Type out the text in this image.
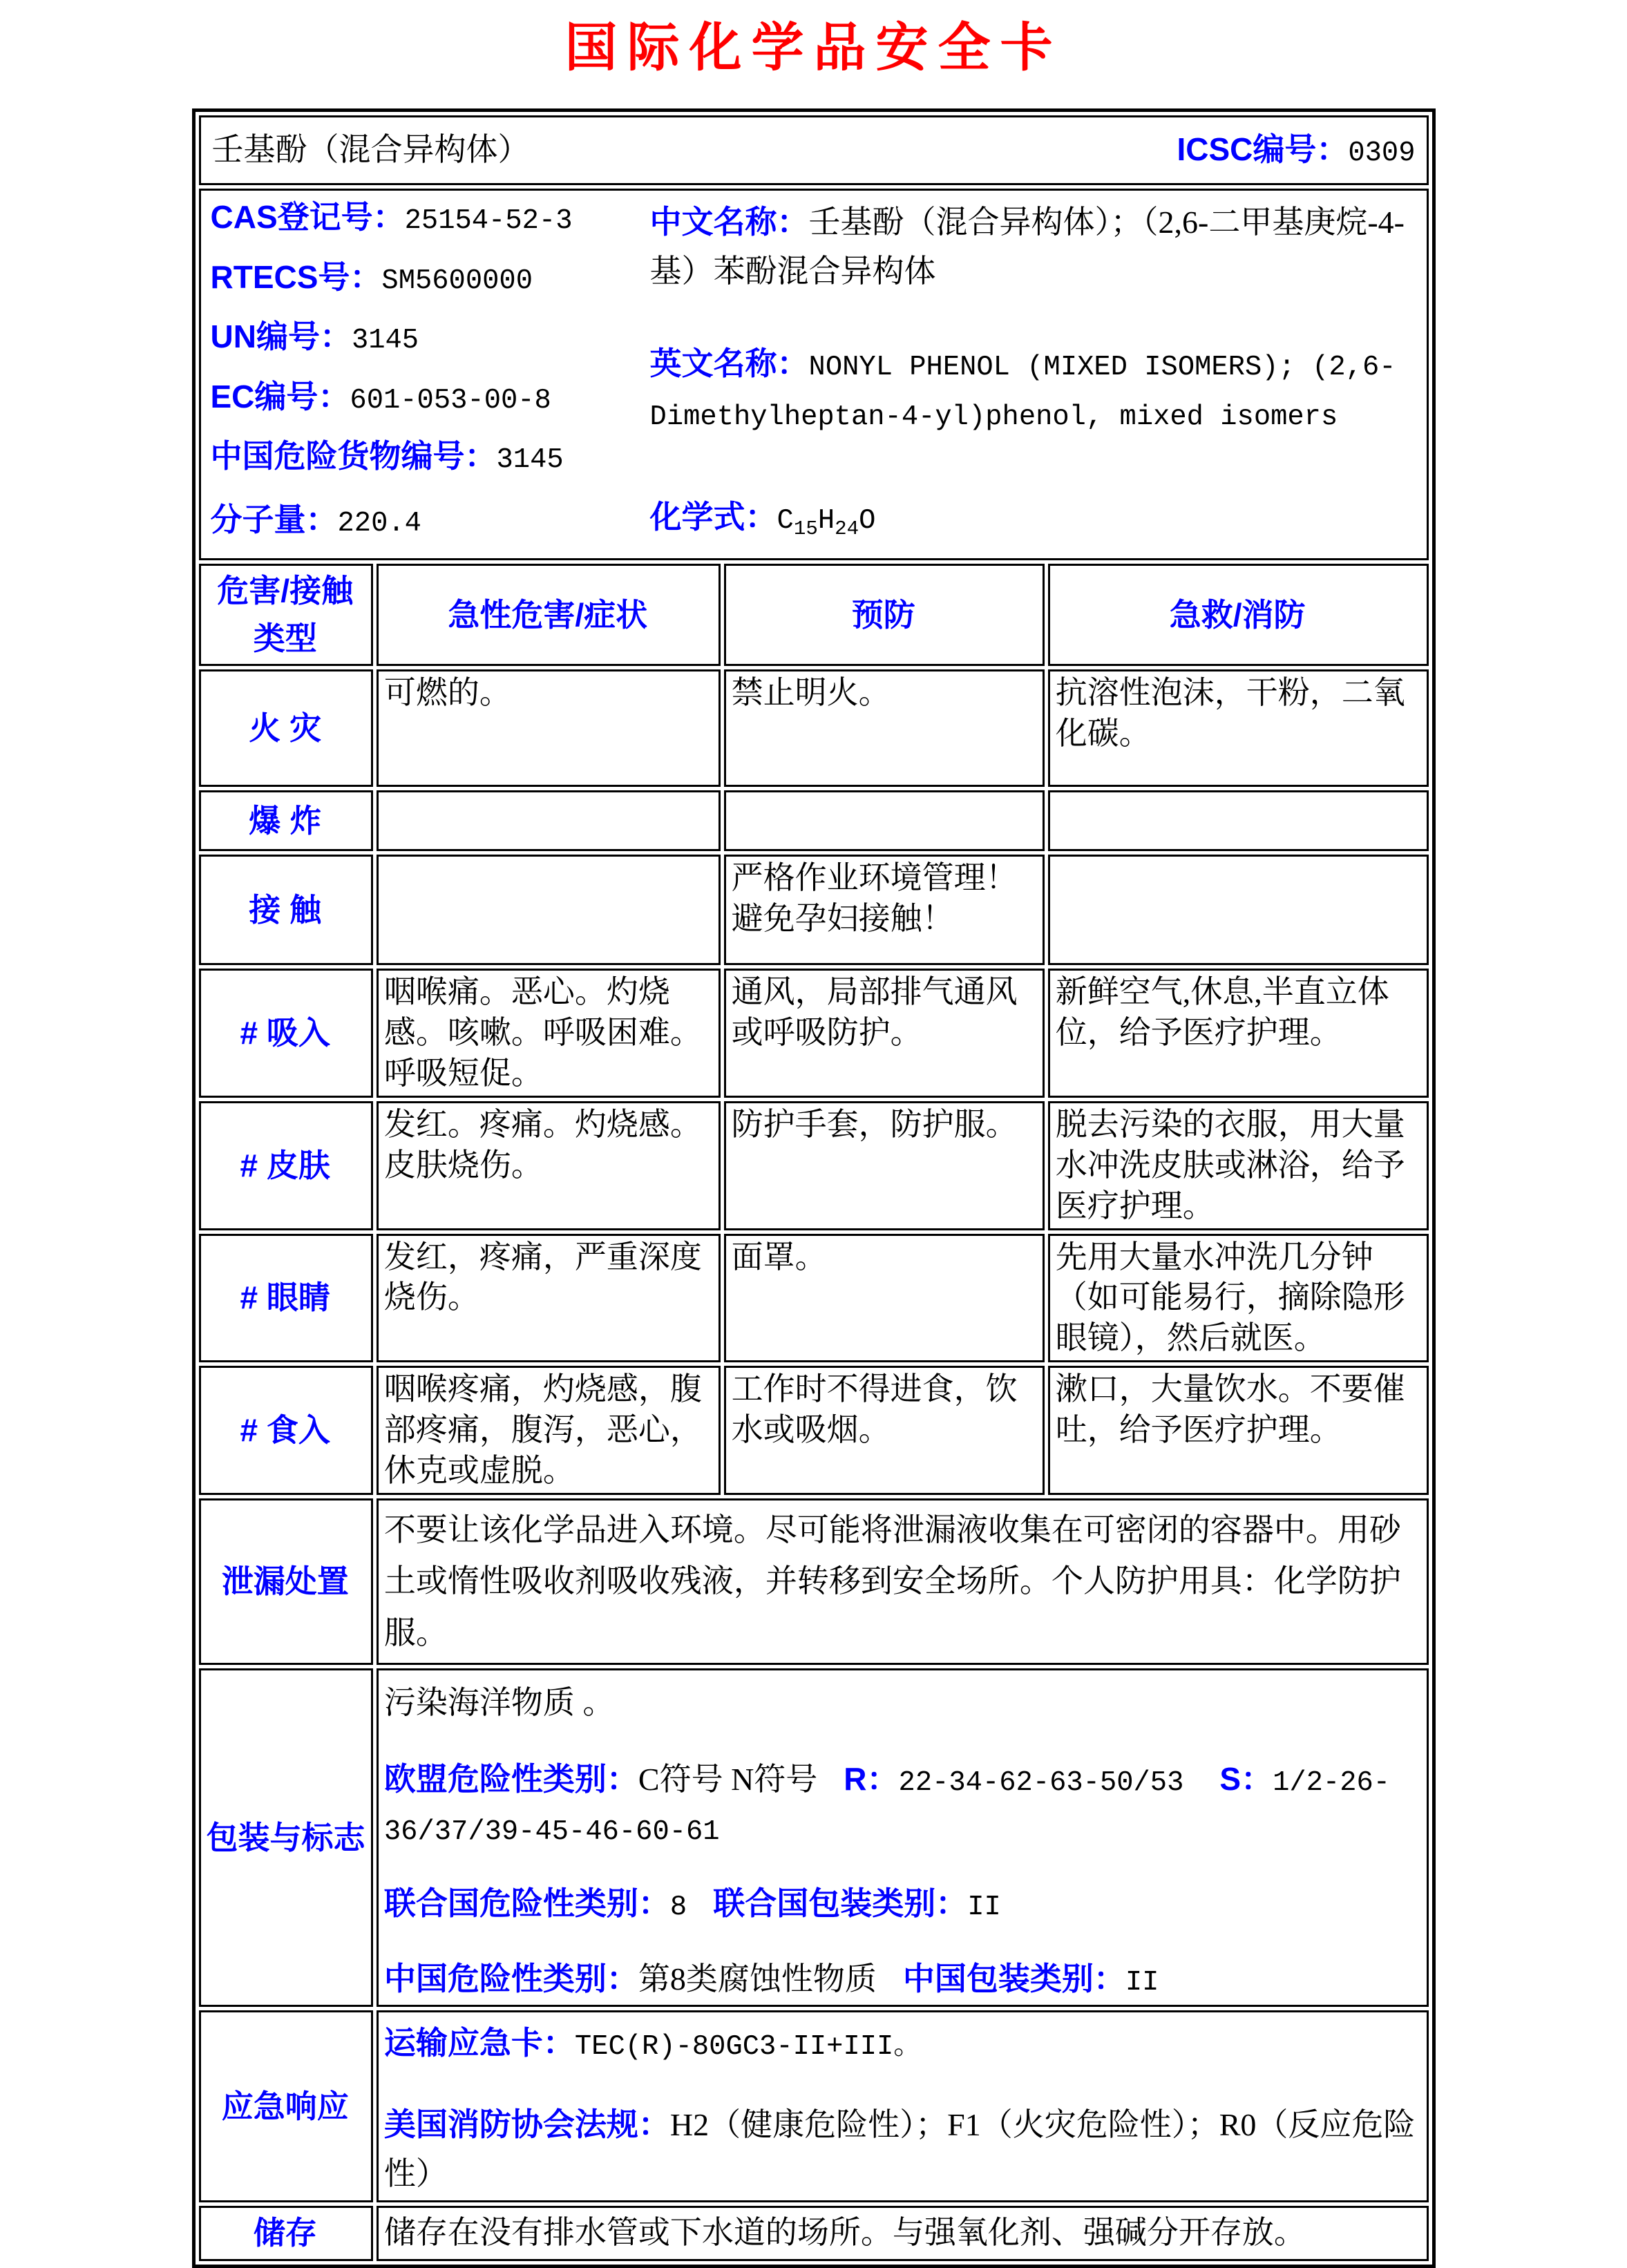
国际化学品安全卡
壬基酚（混合异构体） ICSC编号：0309			

CAS登记号：25154-52-3
RTECS号：SM5600000
UN编号：3145
EC编号：601-053-00-8
中国危险货物编号：3145

中文名称：壬基酚（混合异构体）；（2,6-二甲基庚烷-4-基）苯酚混合异构体

英文名称：NONYL PHENOL (MIXED ISOMERS); (2,6-Dimethylheptan-4-yl)phenol, mixed isomers

分子量：220.4	化学式：$C_{15}H_{24}O$

危害/接触类型	急性危害/症状	预防	急救/消防
火 灾	可燃的。	禁止明火。	抗溶性泡沫，干粉，二氧化碳。
爆 炸			
接 触		严格作业环境管理！避免孕妇接触！	
# 吸入	咽喉痛。恶心。灼烧感。咳嗽。呼吸困难。呼吸短促。	通风，局部排气通风或呼吸防护。	新鲜空气,休息,半直立体位，给予医疗护理。
# 皮肤	发红。疼痛。灼烧感。皮肤烧伤。	防护手套，防护服。	脱去污染的衣服，用大量水冲洗皮肤或淋浴，给予医疗护理。
# 眼睛	发红，疼痛，严重深度烧伤。	面罩。	先用大量水冲洗几分钟（如可能易行，摘除隐形眼镜），然后就医。
# 食入	咽喉疼痛，灼烧感，腹部疼痛，腹泻，恶心，休克或虚脱。	工作时不得进食，饮水或吸烟。	漱口，大量饮水。不要催吐，给予医疗护理。
泄漏处置	不要让该化学品进入环境。尽可能将泄漏液收集在可密闭的容器中。用砂土或惰性吸收剂吸收残液，并转移到安全场所。个人防护用具：化学防护服。		

包装与标志	污染海洋物质 。

欧盟危险性类别：C符号 N符号 R：22-34-62-63-50/53 S：1/2-26-36/37/39-45-46-60-61

联合国危险性类别：8 联合国包装类别：II

中国危险性类别：第8类腐蚀性物质 中国包装类别：II		

应急响应	运输应急卡：TEC(R)-80GC3-II+III。

美国消防协会法规：H2（健康危险性）；F1（火灾危险性）；R0（反应危险性）		

储存	储存在没有排水管或下水道的场所。与强氧化剂、强碱分开存放。		
